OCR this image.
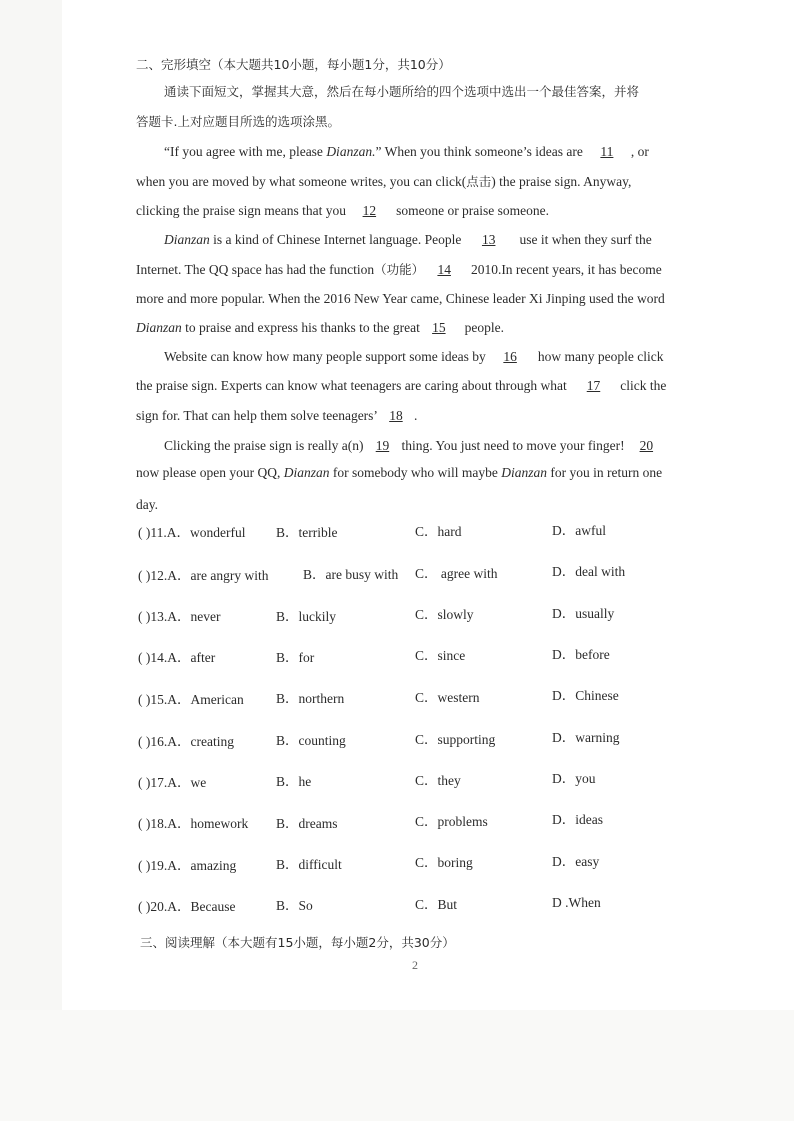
二、完形填空（本大题共10小题，每小题1分，共10分）
通读下面短文，掌握其大意，然后在每小题所给的四个选项中选出一个最佳答案，并将
答题卡.上对应题目所选的选项涂黑。
“If you agree with me, please Dianzan.” When you think someone’s ideas are 11 , or
when you are moved by what someone writes, you can click(点击) the praise sign. Anyway,
clicking the praise sign means that you 12 someone or praise someone.
Dianzan is a kind of Chinese Internet language. People 13 use it when they surf the
Internet. The QQ space has had the function（功能） 14 2010.In recent years, it has become
more and more popular. When the 2016 New Year came, Chinese leader Xi Jinping used the word
Dianzan to praise and express his thanks to the great 15 people.
Website can know how many people support some ideas by 16 how many people click
the praise sign. Experts can know what teenagers are caring about through what 17 click the
sign for. That can help them solve teenagers’ 18 .
Clicking the praise sign is really a(n) 19 thing. You just need to move your finger! 20
now please open your QQ, Dianzan for somebody who will maybe Dianzan for you in return one
day.
( )11.A．wonderful B．terrible	C．hard	D．awful
( )12.A．are angry with	B．are busy with C． agree with	D．deal with
( )13.A．never	B．luckily	C．slowly	D．usually
( )14.A．after	B．for	C．since	D．before
( )15.A．American B．northern	C．western	D．Chinese
( )16.A．creating	B．counting	C．supporting	D．warning
( )17.A．we	B．he	C．they	D．you
( )18.A．homework B．dreams	C．problems	D．ideas
( )19.A．amazing	B．difficult	C．boring	D．easy
( )20.A．Because	B．So	C．But	D .When
三、阅读理解（本大题有15小题，每小题2分，共30分）
2
